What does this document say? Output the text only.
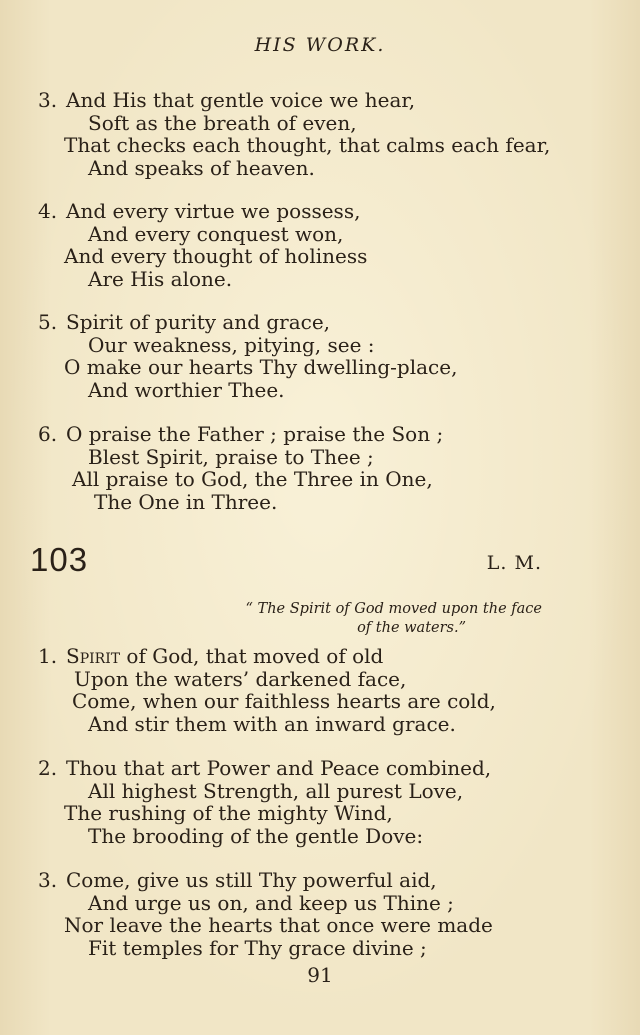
HIS WORK.
3. And His that gentle voice we hear,
Soft as the breath of even,
That checks each thought, that calms each fear,
And speaks of heaven.
4. And every virtue we possess,
And every conquest won,
And every thought of holiness
Are His alone.
5. Spirit of purity and grace,
Our weakness, pitying, see :
O make our hearts Thy dwelling-place,
And worthier Thee.
6. O praise the Father ; praise the Son ;
Blest Spirit, praise to Thee ;
All praise to God, the Three in One,
The One in Three.
103	L. M.
“ The Spirit of God moved upon the face
of the waters.”
1. Spirit of God, that moved of old
Upon the waters’ darkened face,
Come, when our faithless hearts are cold,
And stir them with an inward grace.
2. Thou that art Power and Peace combined,
All highest Strength, all purest Love,
The rushing of the mighty Wind,
The brooding of the gentle Dove:
3. Come, give us still Thy powerful aid,
And urge us on, and keep us Thine ;
Nor leave the hearts that once were made
Fit temples for Thy grace divine ;
91
